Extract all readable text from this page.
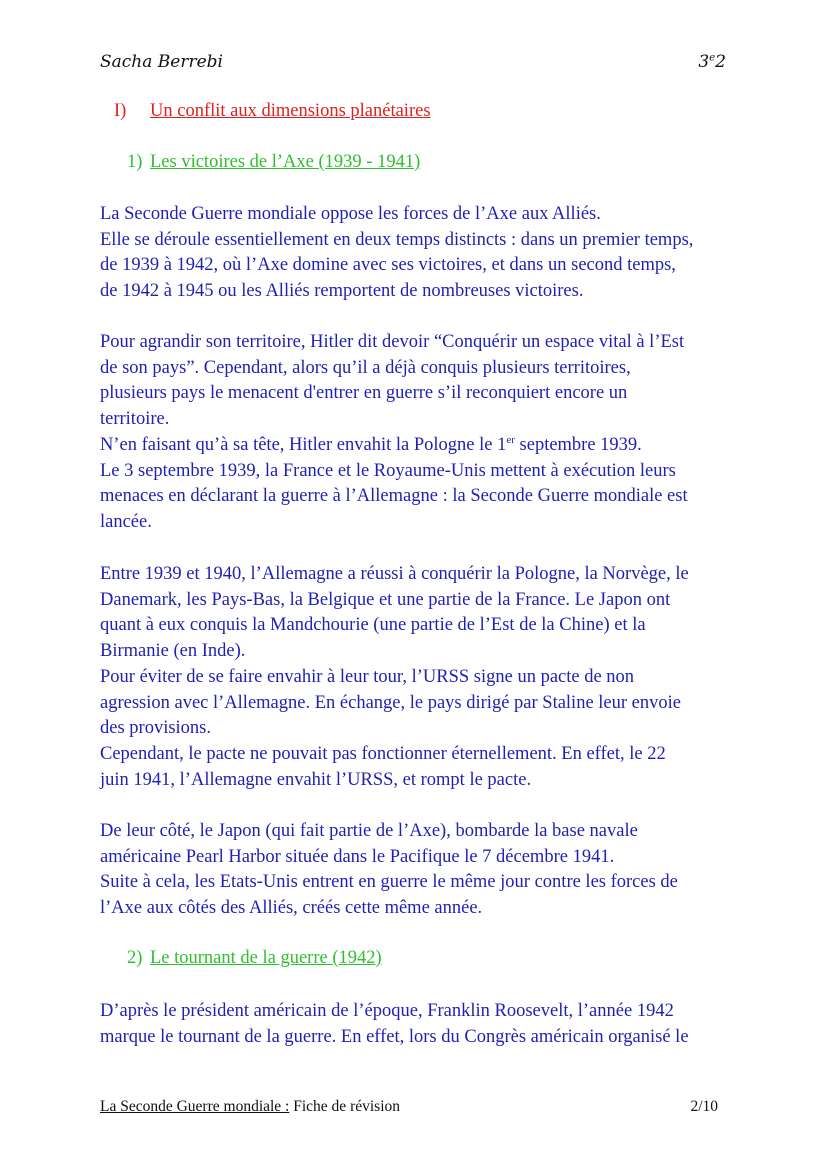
Sacha Berrebi	3e2
I) Un conflit aux dimensions planétaires
1) Les victoires de l’Axe (1939 - 1941)
La Seconde Guerre mondiale oppose les forces de l’Axe aux Alliés.
Elle se déroule essentiellement en deux temps distincts : dans un premier temps,
de 1939 à 1942, où l’Axe domine avec ses victoires, et dans un second temps,
de 1942 à 1945 ou les Alliés remportent de nombreuses victoires.
Pour agrandir son territoire, Hitler dit devoir “Conquérir un espace vital à l’Est
de son pays”. Cependant, alors qu’il a déjà conquis plusieurs territoires,
plusieurs pays le menacent d'entrer en guerre s’il reconquiert encore un
territoire.
N’en faisant qu’à sa tête, Hitler envahit la Pologne le 1er septembre 1939.
Le 3 septembre 1939, la France et le Royaume-Unis mettent à exécution leurs
menaces en déclarant la guerre à l’Allemagne : la Seconde Guerre mondiale est
lancée.
Entre 1939 et 1940, l’Allemagne a réussi à conquérir la Pologne, la Norvège, le
Danemark, les Pays-Bas, la Belgique et une partie de la France. Le Japon ont
quant à eux conquis la Mandchourie (une partie de l’Est de la Chine) et la
Birmanie (en Inde).
Pour éviter de se faire envahir à leur tour, l’URSS signe un pacte de non
agression avec l’Allemagne. En échange, le pays dirigé par Staline leur envoie
des provisions.
Cependant, le pacte ne pouvait pas fonctionner éternellement. En effet, le 22
juin 1941, l’Allemagne envahit l’URSS, et rompt le pacte.
De leur côté, le Japon (qui fait partie de l’Axe), bombarde la base navale
américaine Pearl Harbor située dans le Pacifique le 7 décembre 1941.
Suite à cela, les Etats-Unis entrent en guerre le même jour contre les forces de
l’Axe aux côtés des Alliés, créés cette même année.
2) Le tournant de la guerre (1942)
D’après le président américain de l’époque, Franklin Roosevelt, l’année 1942
marque le tournant de la guerre. En effet, lors du Congrès américain organisé le
La Seconde Guerre mondiale : Fiche de révision	2/10
